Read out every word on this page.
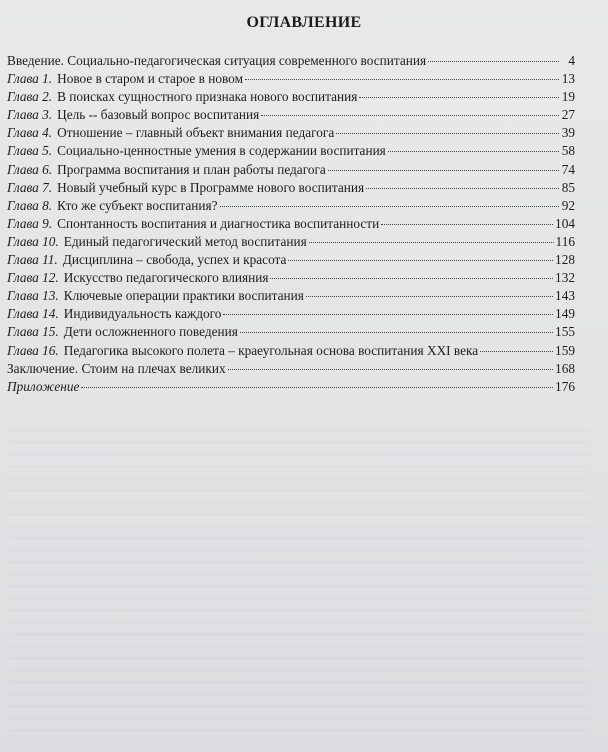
ОГЛАВЛЕНИЕ
Введение. Социально-педагогическая ситуация современного воспитания	4
Глава 1. Новое в старом и старое в новом	13
Глава 2. В поисках сущностного признака нового воспитания	19
Глава 3. Цель -- базовый вопрос воспитания	27
Глава 4. Отношение – главный объект внимания педагога	39
Глава 5. Социально-ценностные умения в содержании воспитания	58
Глава 6. Программа воспитания и план работы педагога	74
Глава 7. Новый учебный курс в Программе нового воспитания	85
Глава 8. Кто же субъект воспитания?	92
Глава 9. Спонтанность воспитания и диагностика воспитанности	104
Глава 10. Единый педагогический метод воспитания	116
Глава 11. Дисциплина – свобода, успех и красота	128
Глава 12. Искусство педагогического влияния	132
Глава 13. Ключевые операции практики воспитания	143
Глава 14. Индивидуальность каждого	149
Глава 15. Дети осложненного поведения	155
Глава 16. Педагогика высокого полета – краеугольная основа воспитания XXI века	159
Заключение. Стоим на плечах великих	168
Приложение	176
